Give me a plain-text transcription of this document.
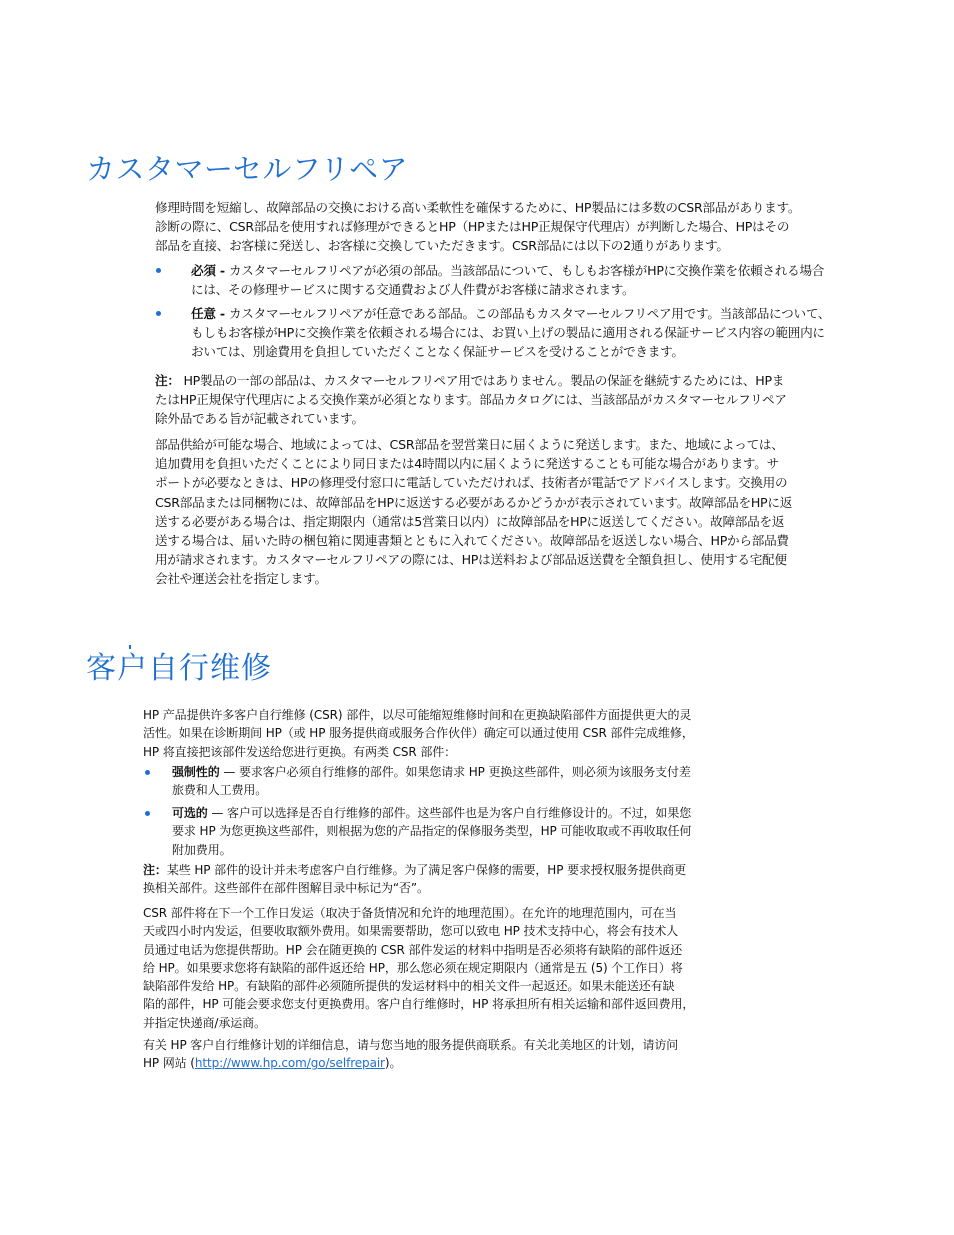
カスタマーセルフリペア

修理時間を短縮し、故障部品の交換における高い柔軟性を確保するために、HP製品には多数のCSR部品があります。
診断の際に、CSR部品を使用すれば修理ができるとHP（HPまたはHP正規保守代理店）が判断した場合、HPはその
部品を直接、お客様に発送し、お客様に交換していただきます。CSR部品には以下の2通りがあります。

必須 - カスタマーセルフリペアが必須の部品。当該部品について、もしもお客様がHPに交換作業を依頼される場合
には、その修理サービスに関する交通費および人件費がお客様に請求されます。
任意 - カスタマーセルフリペアが任意である部品。この部品もカスタマーセルフリペア用です。当該部品について、
もしもお客様がHPに交換作業を依頼される場合には、お買い上げの製品に適用される保証サービス内容の範囲内に
おいては、別途費用を負担していただくことなく保証サービスを受けることができます。

注： HP製品の一部の部品は、カスタマーセルフリペア用ではありません。製品の保証を継続するためには、HPま
たはHP正規保守代理店による交換作業が必須となります。部品カタログには、当該部品がカスタマーセルフリペア
除外品である旨が記載されています。

部品供給が可能な場合、地域によっては、CSR部品を翌営業日に届くように発送します。また、地域によっては、
追加費用を負担いただくことにより同日または4時間以内に届くように発送することも可能な場合があります。サ
ポートが必要なときは、HPの修理受付窓口に電話していただければ、技術者が電話でアドバイスします。交換用の
CSR部品または同梱物には、故障部品をHPに返送する必要があるかどうかが表示されています。故障部品をHPに返
送する必要がある場合は、指定期限内（通常は5営業日以内）に故障部品をHPに返送してください。故障部品を返
送する場合は、届いた時の梱包箱に関連書類とともに入れてください。故障部品を返送しない場合、HPから部品費
用が請求されます。カスタマーセルフリペアの際には、HPは送料および部品返送費を全額負担し、使用する宅配便
会社や運送会社を指定します。

客户自行维修

HP 产品提供许多客户自行维修 (CSR) 部件，以尽可能缩短维修时间和在更换缺陷部件方面提供更大的灵
活性。如果在诊断期间 HP（或 HP 服务提供商或服务合作伙伴）确定可以通过使用 CSR 部件完成维修，
HP 将直接把该部件发送给您进行更换。有两类 CSR 部件：

强制性的 — 要求客户必须自行维修的部件。如果您请求 HP 更换这些部件，则必须为该服务支付差
旅费和人工费用。
可选的 — 客户可以选择是否自行维修的部件。这些部件也是为客户自行维修设计的。不过，如果您
要求 HP 为您更换这些部件，则根据为您的产品指定的保修服务类型，HP 可能收取或不再收取任何
附加费用。

注：某些 HP 部件的设计并未考虑客户自行维修。为了满足客户保修的需要，HP 要求授权服务提供商更
换相关部件。这些部件在部件图解目录中标记为“否”。

CSR 部件将在下一个工作日发运（取决于备货情况和允许的地理范围）。在允许的地理范围内，可在当
天或四小时内发运，但要收取额外费用。如果需要帮助，您可以致电 HP 技术支持中心，将会有技术人
员通过电话为您提供帮助。HP 会在随更换的 CSR 部件发运的材料中指明是否必须将有缺陷的部件返还
给 HP。如果要求您将有缺陷的部件返还给 HP，那么您必须在规定期限内（通常是五 (5) 个工作日）将
缺陷部件发给 HP。有缺陷的部件必须随所提供的发运材料中的相关文件一起返还。如果未能送还有缺
陷的部件，HP 可能会要求您支付更换费用。客户自行维修时，HP 将承担所有相关运输和部件返回费用，
并指定快递商/承运商。

有关 HP 客户自行维修计划的详细信息，请与您当地的服务提供商联系。有关北美地区的计划，请访问
HP 网站 (http://www.hp.com/go/selfrepair)。
